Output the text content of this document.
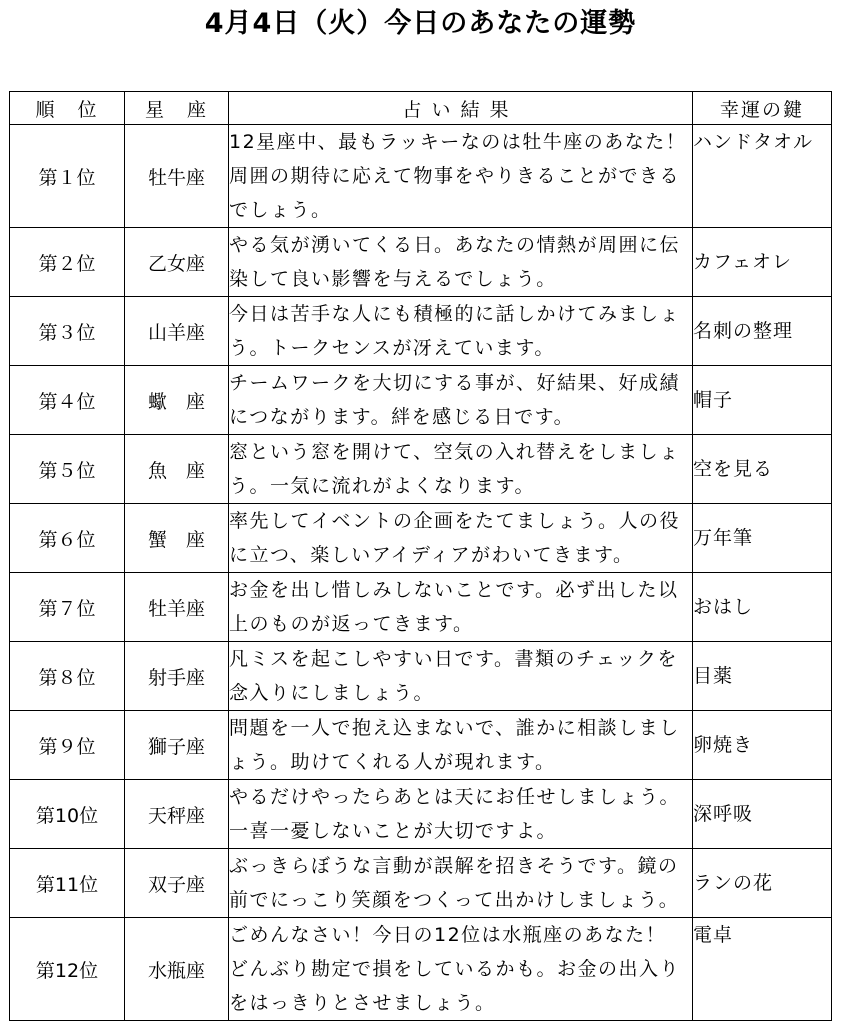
4月4日（火）今日のあなたの運勢
順　位	星　座	占い結果	幸運の鍵
第１位	牡牛座	12星座中、最もラッキーなのは牡牛座のあなた！
周囲の期待に応えて物事をやりきることができる
でしょう。	ハンドタオル
第２位	乙女座	やる気が湧いてくる日。あなたの情熱が周囲に伝
染して良い影響を与えるでしょう。	カフェオレ
第３位	山羊座	今日は苦手な人にも積極的に話しかけてみましょ
う。トークセンスが冴えています。	名刺の整理
第４位	蠍　座	チームワークを大切にする事が、好結果、好成績
につながります。絆を感じる日です。	帽子
第５位	魚　座	窓という窓を開けて、空気の入れ替えをしましょ
う。一気に流れがよくなります。	空を見る
第６位	蟹　座	率先してイベントの企画をたてましょう。人の役
に立つ、楽しいアイディアがわいてきます。	万年筆
第７位	牡羊座	お金を出し惜しみしないことです。必ず出した以
上のものが返ってきます。	おはし
第８位	射手座	凡ミスを起こしやすい日です。書類のチェックを
念入りにしましょう。	目薬
第９位	獅子座	問題を一人で抱え込まないで、誰かに相談しまし
ょう。助けてくれる人が現れます。	卵焼き
第10位	天秤座	やるだけやったらあとは天にお任せしましょう。
一喜一憂しないことが大切ですよ。	深呼吸
第11位	双子座	ぶっきらぼうな言動が誤解を招きそうです。鏡の
前でにっこり笑顔をつくって出かけしましょう。	ランの花
第12位	水瓶座	ごめんなさい！今日の12位は水瓶座のあなた！
どんぶり勘定で損をしているかも。お金の出入り
をはっきりとさせましょう。	電卓
